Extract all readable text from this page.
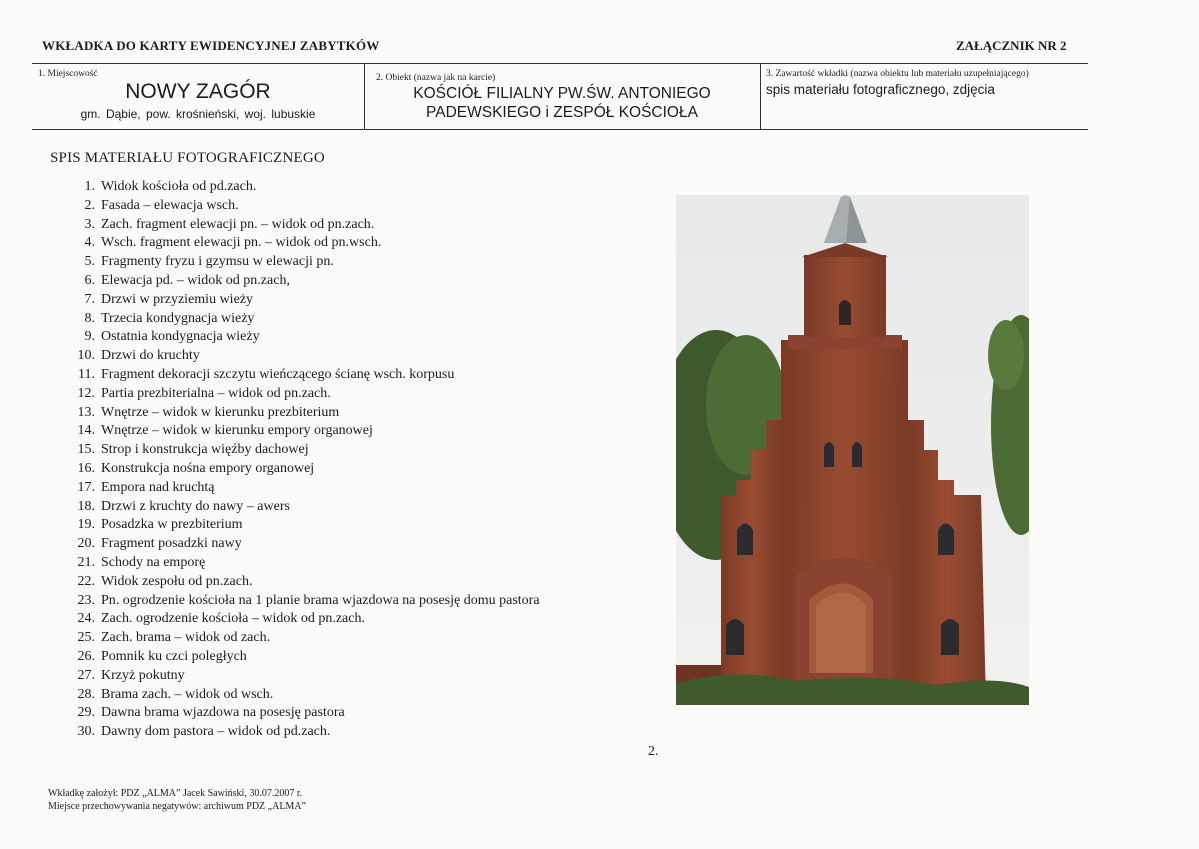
WKŁADKA DO KARTY EWIDENCYJNEJ ZABYTKÓW	ZAŁĄCZNIK NR 2
1. Miejscowość
NOWY ZAGÓR
gm. Dąbie, pow. krośnieński, woj. lubuskie
2. Obiekt (nazwa jak na karcie)
KOŚCIÓŁ FILIALNY PW.ŚW. ANTONIEGO
PADEWSKIEGO i ZESPÓŁ KOŚCIOŁA
3. Zawartość wkładki (nazwa obiektu lub materiału uzupełniającego)
spis materiału fotograficznego, zdjęcia
SPIS MATERIAŁU FOTOGRAFICZNEGO
1. Widok kościoła od pd.zach.
2. Fasada – elewacja wsch.
3. Zach. fragment elewacji pn. – widok od pn.zach.
4. Wsch. fragment elewacji pn. – widok od pn.wsch.
5. Fragmenty fryzu i gzymsu w elewacji pn.
6. Elewacja pd. – widok od pn.zach,
7. Drzwi w przyziemiu wieży
8. Trzecia kondygnacja wieży
9. Ostatnia kondygnacja wieży
10. Drzwi do kruchty
11. Fragment dekoracji szczytu wieńczącego ścianę wsch. korpusu
12. Partia prezbiterialna – widok od pn.zach.
13. Wnętrze – widok w kierunku prezbiterium
14. Wnętrze – widok w kierunku empory organowej
15. Strop i konstrukcja więźby dachowej
16. Konstrukcja nośna empory organowej
17. Empora nad kruchtą
18. Drzwi z kruchty do nawy – awers
19. Posadzka w prezbiterium
20. Fragment posadzki nawy
21. Schody na emporę
22. Widok zespołu od pn.zach.
23. Pn. ogrodzenie kościoła na 1 planie brama wjazdowa na posesję domu pastora
24. Zach. ogrodzenie kościoła – widok od pn.zach.
25. Zach. brama – widok od zach.
26. Pomnik ku czci poległych
27. Krzyż pokutny
28. Brama zach. – widok od wsch.
29. Dawna brama wjazdowa na posesję pastora
30. Dawny dom pastora – widok od pd.zach.
2.
Wkładkę założył: PDZ „ALMA” Jacek Sawiński, 30.07.2007 r.
Miejsce przechowywania negatywów: archiwum PDZ „ALMA”
